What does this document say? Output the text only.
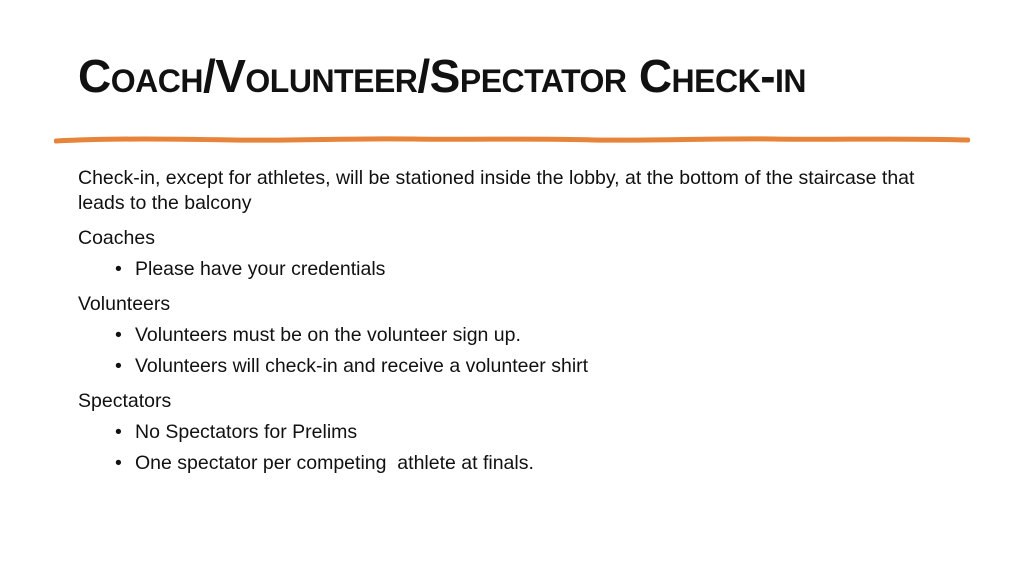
Coach/Volunteer/Spectator Check-in

Check-in, except for athletes, will be stationed inside the lobby, at the bottom of the staircase that leads to the balcony

Coaches

• Please have your credentials

Volunteers

• Volunteers must be on the volunteer sign up.
• Volunteers will check-in and receive a volunteer shirt

Spectators

• No Spectators for Prelims
• One spectator per competing  athlete at finals.
